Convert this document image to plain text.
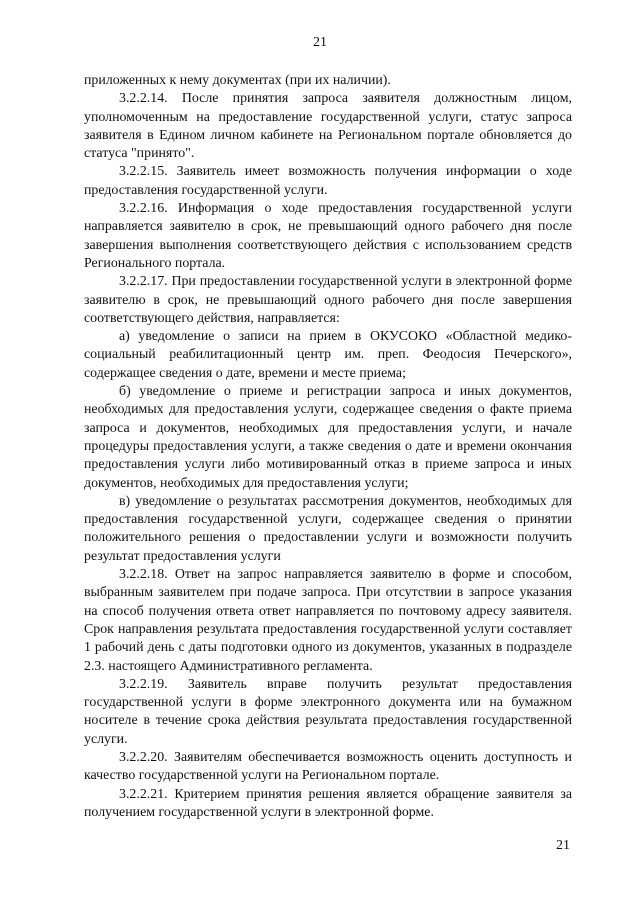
21

приложенных к нему документах (при их наличии).

3.2.2.14. После принятия запроса заявителя должностным лицом, уполномоченным на предоставление государственной услуги, статус запроса заявителя в Едином личном кабинете на Региональном портале обновляется до статуса "принято".

3.2.2.15. Заявитель имеет возможность получения информации о ходе предоставления государственной услуги.

3.2.2.16. Информация о ходе предоставления государственной услуги направляется заявителю в срок, не превышающий одного рабочего дня после завершения выполнения соответствующего действия с использованием средств Регионального портала.

3.2.2.17. При предоставлении государственной услуги в электронной форме заявителю в срок, не превышающий одного рабочего дня после завершения соответствующего действия, направляется:

а) уведомление о записи на прием в ОКУСОКО «Областной медико-социальный реабилитационный центр им. преп. Феодосия Печерского», содержащее сведения о дате, времени и месте приема;

б) уведомление о приеме и регистрации запроса и иных документов, необходимых для предоставления услуги, содержащее сведения о факте приема запроса и документов, необходимых для предоставления услуги, и начале процедуры предоставления услуги, а также сведения о дате и времени окончания предоставления услуги либо мотивированный отказ в приеме запроса и иных документов, необходимых для предоставления услуги;

в) уведомление о результатах рассмотрения документов, необходимых для предоставления государственной услуги, содержащее сведения о принятии положительного решения о предоставлении услуги и возможности получить результат предоставления услуги

3.2.2.18. Ответ на запрос направляется заявителю в форме и способом, выбранным заявителем при подаче запроса. При отсутствии в запросе указания на способ получения ответа ответ направляется по почтовому адресу заявителя. Срок направления результата предоставления государственной услуги составляет 1 рабочий день с даты подготовки одного из документов, указанных в подразделе 2.3. настоящего Административного регламента.

3.2.2.19. Заявитель вправе получить результат предоставления государственной услуги в форме электронного документа или на бумажном носителе в течение срока действия результата предоставления государственной услуги.

3.2.2.20. Заявителям обеспечивается возможность оценить доступность и качество государственной услуги на Региональном портале.

3.2.2.21. Критерием принятия решения является обращение заявителя за получением государственной услуги в электронной форме.

21
